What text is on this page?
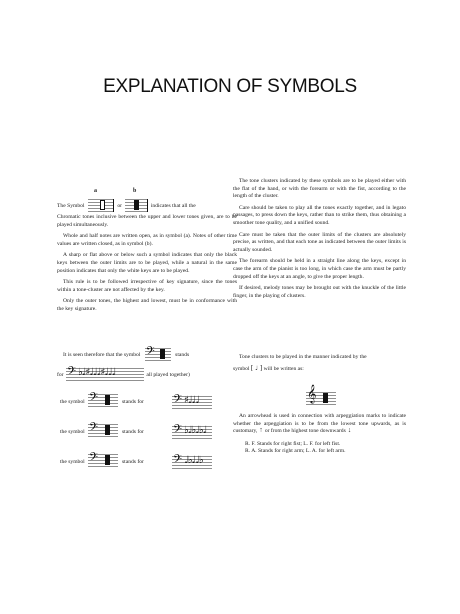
EXPLANATION OF SYMBOLS
a	b
The Symbol	or	indicates that all the

Chromatic tones inclusive between the upper and lower tones given, are to be played simultaneously.

Whole and half notes are written open, as in symbol (a). Notes of other time values are written closed, as in symbol (b).

A sharp or flat above or below such a symbol indicates that only the black keys between the outer limits are to be played, while a natural in the same position indicates that only the white keys are to be played.

This rule is to be followed irrespective of key signature, since the tones within a tone-cluster are not affected by the key.

Only the outer tones, the highest and lowest, must be in conformance with the key signature.

It is seen therefore that the symbol 𝄢	stands
for 𝄢 ♭♩♯♩♩♩♯♩♩♩	all played together)
the symbol 𝄢	stands for 𝄢 ♯♩♩♩
the symbol 𝄢	stands for 𝄢 ♭♩♭♩♭♩
the symbol 𝄢	stands for 𝄢 ♩♭♩♩♭

The tone clusters indicated by these symbols are to be played either with the flat of the hand, or with the forearm or with the fist, according to the length of the cluster.

Care should be taken to play all the tones exactly together, and in legato passages, to press down the keys, rather than to strike them, thus obtaining a smoother tone quality, and a unified sound.

Care must be taken that the outer limits of the clusters are absolutely precise, as written, and that each tone as indicated between the outer limits is actually sounded.

The forearm should be held in a straight line along the keys, except in case the arm of the pianist is too long, in which case the arm must be partly dropped off the keys at an angle, to give the proper length.

If desired, melody tones may be brought out with the knuckle of the little finger, in the playing of clusters.

Tone clusters to be played in the manner indicated by the

symbol [ ♩ ] will be written as:
𝄞

An arrowhead is used in connection with arpeggiation marks to indicate whether the arpeggiation is to be from the lowest tone upwards, as is customary, ⇡ or from the highest tone downwards ⇣

R. F. Stands for right fist; L. F. for left fist.

R. A. Stands for right arm; L. A. for left arm.
